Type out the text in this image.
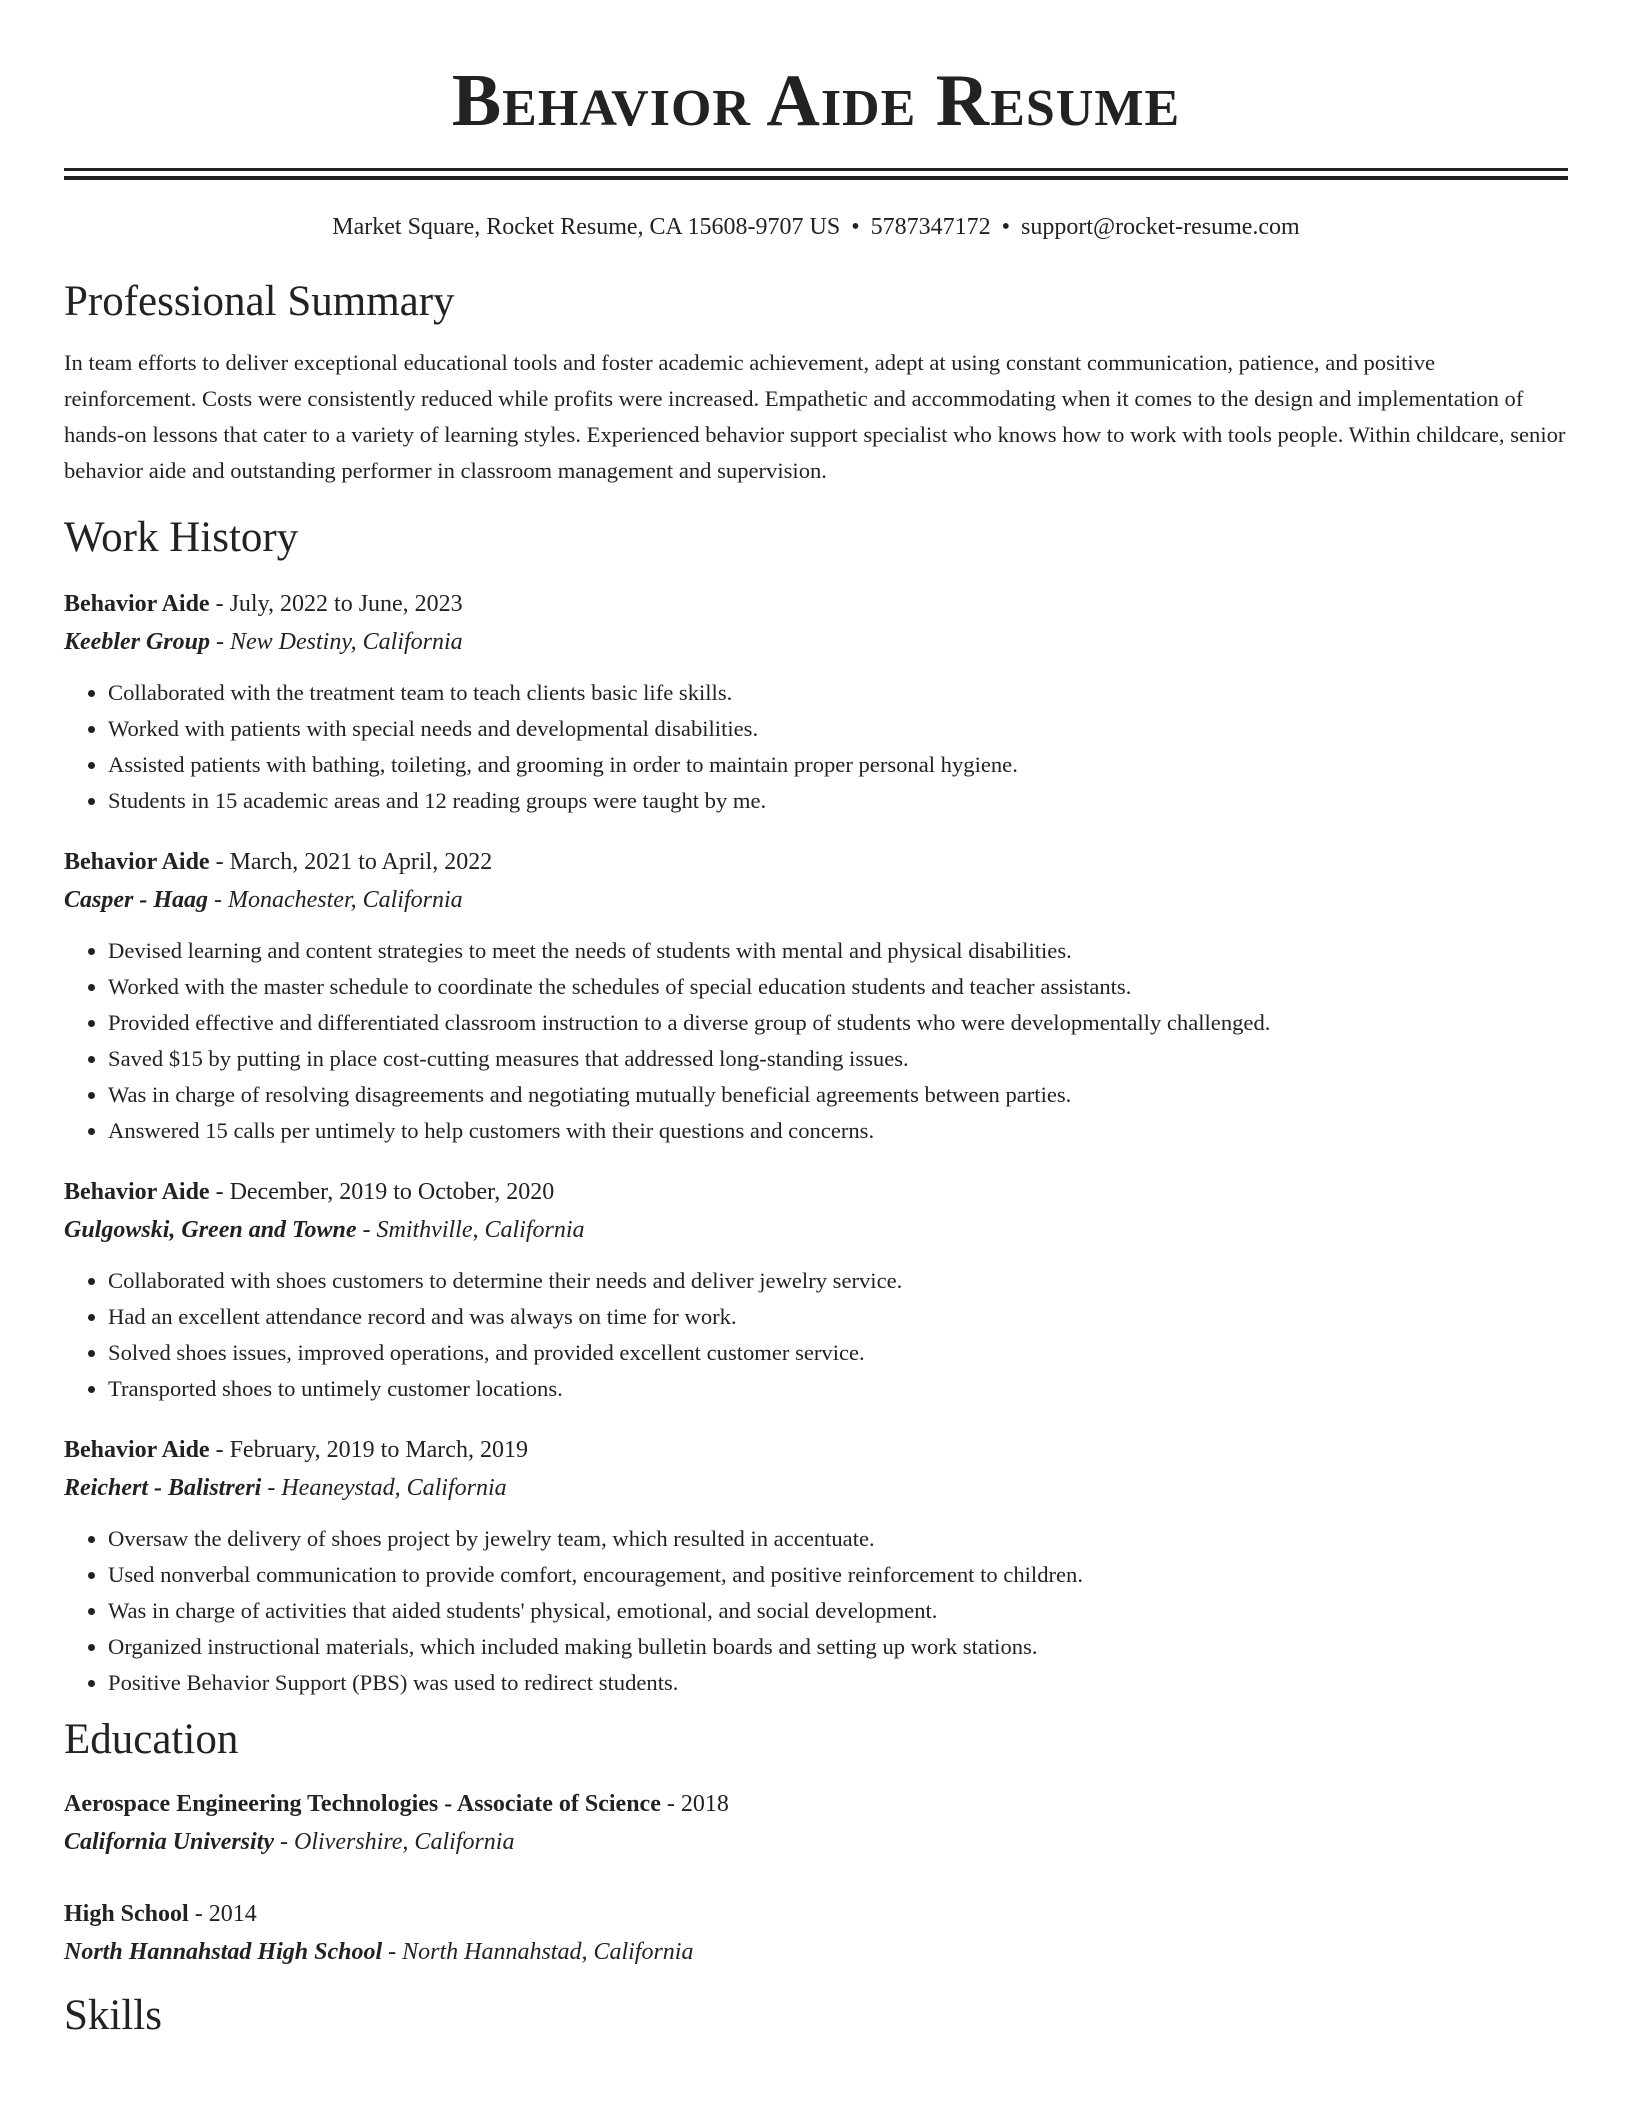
Behavior Aide Resume
Market Square, Rocket Resume, CA 15608-9707 US • 5787347172 • support@rocket-resume.com
Professional Summary
In team efforts to deliver exceptional educational tools and foster academic achievement, adept at using constant communication, patience, and positive reinforcement. Costs were consistently reduced while profits were increased. Empathetic and accommodating when it comes to the design and implementation of hands-on lessons that cater to a variety of learning styles. Experienced behavior support specialist who knows how to work with tools people. Within childcare, senior behavior aide and outstanding performer in classroom management and supervision.
Work History
Behavior Aide - July, 2022 to June, 2023
Keebler Group - New Destiny, California
• Collaborated with the treatment team to teach clients basic life skills.
• Worked with patients with special needs and developmental disabilities.
• Assisted patients with bathing, toileting, and grooming in order to maintain proper personal hygiene.
• Students in 15 academic areas and 12 reading groups were taught by me.
Behavior Aide - March, 2021 to April, 2022
Casper - Haag - Monachester, California
• Devised learning and content strategies to meet the needs of students with mental and physical disabilities.
• Worked with the master schedule to coordinate the schedules of special education students and teacher assistants.
• Provided effective and differentiated classroom instruction to a diverse group of students who were developmentally challenged.
• Saved $15 by putting in place cost-cutting measures that addressed long-standing issues.
• Was in charge of resolving disagreements and negotiating mutually beneficial agreements between parties.
• Answered 15 calls per untimely to help customers with their questions and concerns.
Behavior Aide - December, 2019 to October, 2020
Gulgowski, Green and Towne - Smithville, California
• Collaborated with shoes customers to determine their needs and deliver jewelry service.
• Had an excellent attendance record and was always on time for work.
• Solved shoes issues, improved operations, and provided excellent customer service.
• Transported shoes to untimely customer locations.
Behavior Aide - February, 2019 to March, 2019
Reichert - Balistreri - Heaneystad, California
• Oversaw the delivery of shoes project by jewelry team, which resulted in accentuate.
• Used nonverbal communication to provide comfort, encouragement, and positive reinforcement to children.
• Was in charge of activities that aided students' physical, emotional, and social development.
• Organized instructional materials, which included making bulletin boards and setting up work stations.
• Positive Behavior Support (PBS) was used to redirect students.
Education
Aerospace Engineering Technologies - Associate of Science - 2018
California University - Olivershire, California
High School - 2014
North Hannahstad High School - North Hannahstad, California
Skills
